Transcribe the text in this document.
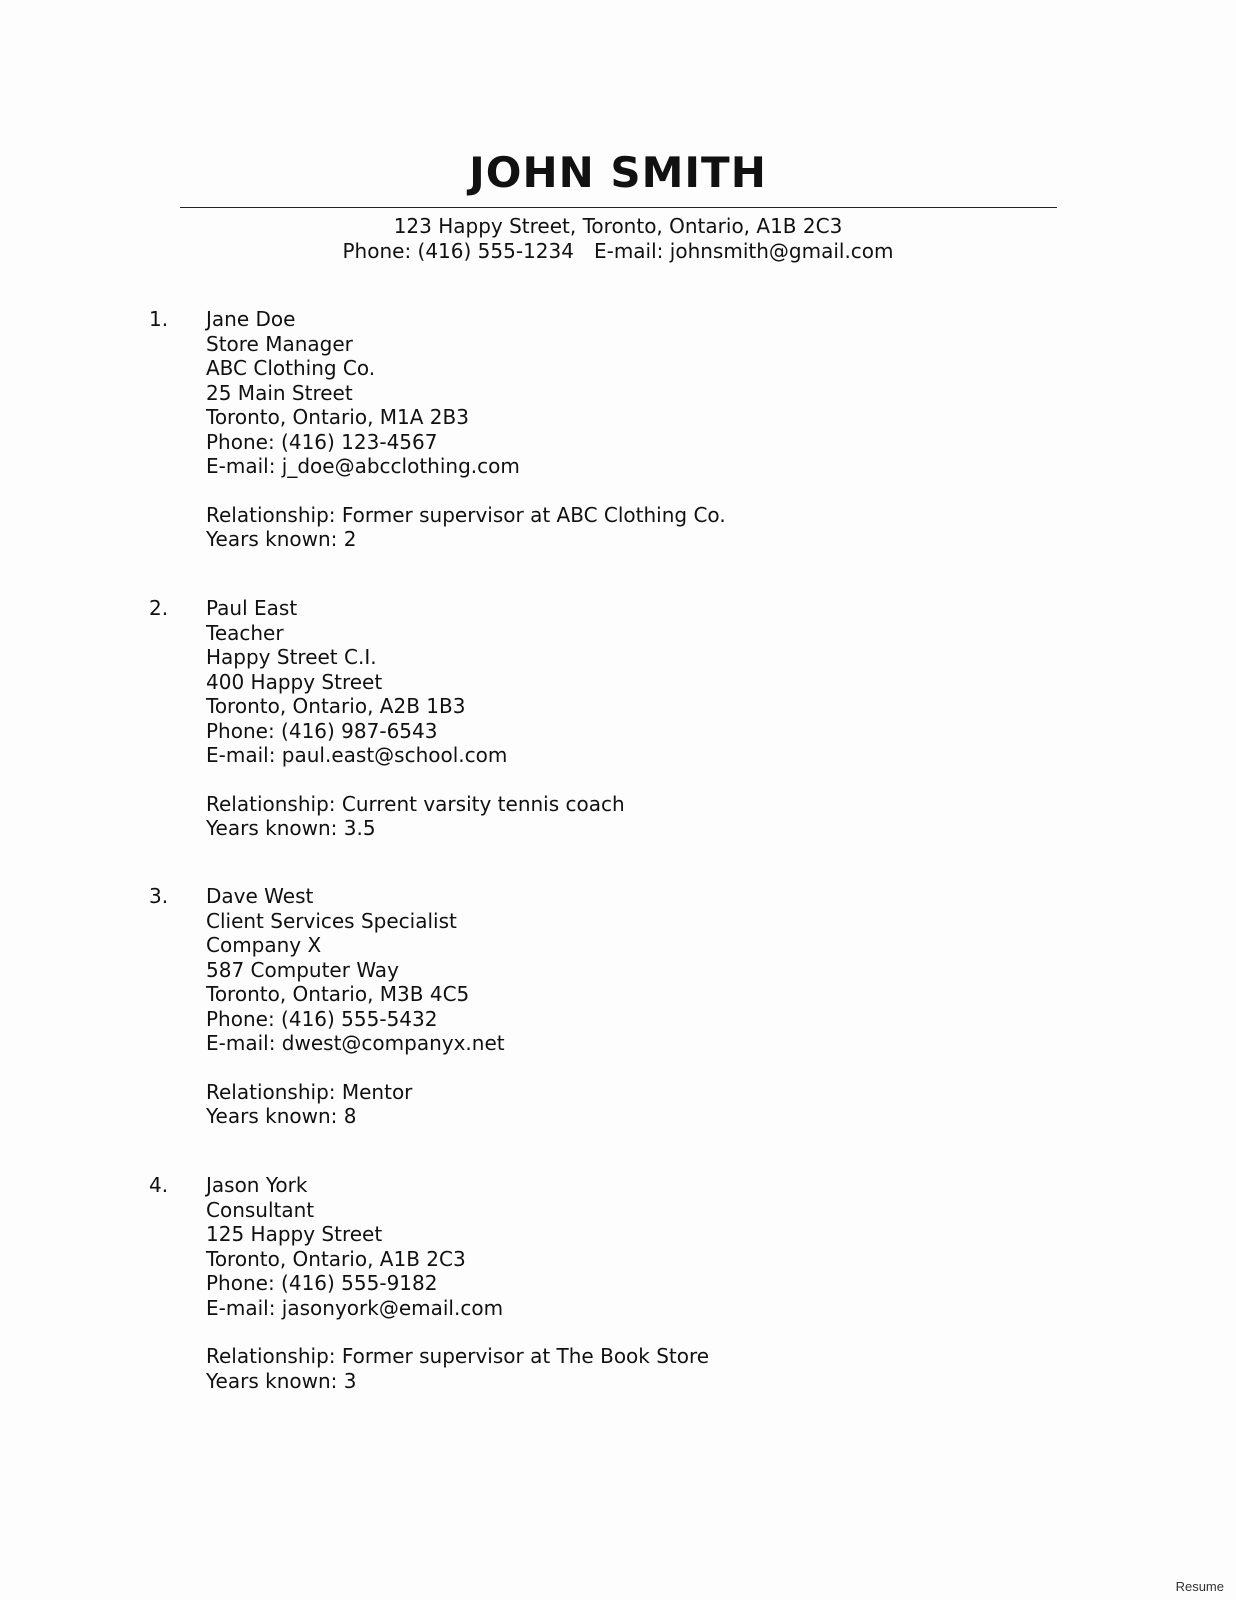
JOHN SMITH
123 Happy Street, Toronto, Ontario, A1B 2C3
Phone: (416) 555-1234 E-mail: johnsmith@gmail.com
1. Jane Doe
Store Manager
ABC Clothing Co.
25 Main Street
Toronto, Ontario, M1A 2B3
Phone: (416) 123-4567
E-mail: j_doe@abcclothing.com
Relationship: Former supervisor at ABC Clothing Co.
Years known: 2
2. Paul East
Teacher
Happy Street C.I.
400 Happy Street
Toronto, Ontario, A2B 1B3
Phone: (416) 987-6543
E-mail: paul.east@school.com
Relationship: Current varsity tennis coach
Years known: 3.5
3. Dave West
Client Services Specialist
Company X
587 Computer Way
Toronto, Ontario, M3B 4C5
Phone: (416) 555-5432
E-mail: dwest@companyx.net
Relationship: Mentor
Years known: 8
4. Jason York
Consultant
125 Happy Street
Toronto, Ontario, A1B 2C3
Phone: (416) 555-9182
E-mail: jasonyork@email.com
Relationship: Former supervisor at The Book Store
Years known: 3
Resume
